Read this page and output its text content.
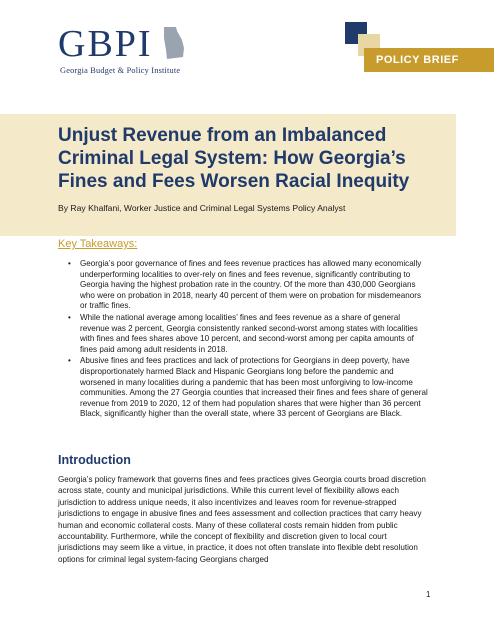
GBPI
Georgia Budget & Policy Institute
POLICY BRIEF
Unjust Revenue from an Imbalanced Criminal Legal System: How Georgia’s Fines and Fees Worsen Racial Inequity
By Ray Khalfani, Worker Justice and Criminal Legal Systems Policy Analyst
Key Takeaways:
• Georgia’s poor governance of fines and fees revenue practices has allowed many economically underperforming localities to over-rely on fines and fees revenue, significantly contributing to Georgia having the highest probation rate in the country. Of the more than 430,000 Georgians who were on probation in 2018, nearly 40 percent of them were on probation for misdemeanors or traffic fines.
• While the national average among localities’ fines and fees revenue as a share of general revenue was 2 percent, Georgia consistently ranked second-worst among states with localities with fines and fees shares above 10 percent, and second-worst among per capita amounts of fines paid among adult residents in 2018.
• Abusive fines and fees practices and lack of protections for Georgians in deep poverty, have disproportionately harmed Black and Hispanic Georgians long before the pandemic and worsened in many localities during a pandemic that has been most unforgiving to low-income communities. Among the 27 Georgia counties that increased their fines and fees share of general revenue from 2019 to 2020, 12 of them had population shares that were higher than 36 percent Black, significantly higher than the overall state, where 33 percent of Georgians are Black.
Introduction

Georgia’s policy framework that governs fines and fees practices gives Georgia courts broad discretion across state, county and municipal jurisdictions. While this current level of flexibility allows each jurisdiction to address unique needs, it also incentivizes and leaves room for revenue-strapped jurisdictions to engage in abusive fines and fees assessment and collection practices that carry heavy human and economic collateral costs. Many of these collateral costs remain hidden from public accountability. Furthermore, while the concept of flexibility and discretion given to local court jurisdictions may seem like a virtue, in practice, it does not often translate into flexible debt resolution options for criminal legal system-facing Georgians charged

1
